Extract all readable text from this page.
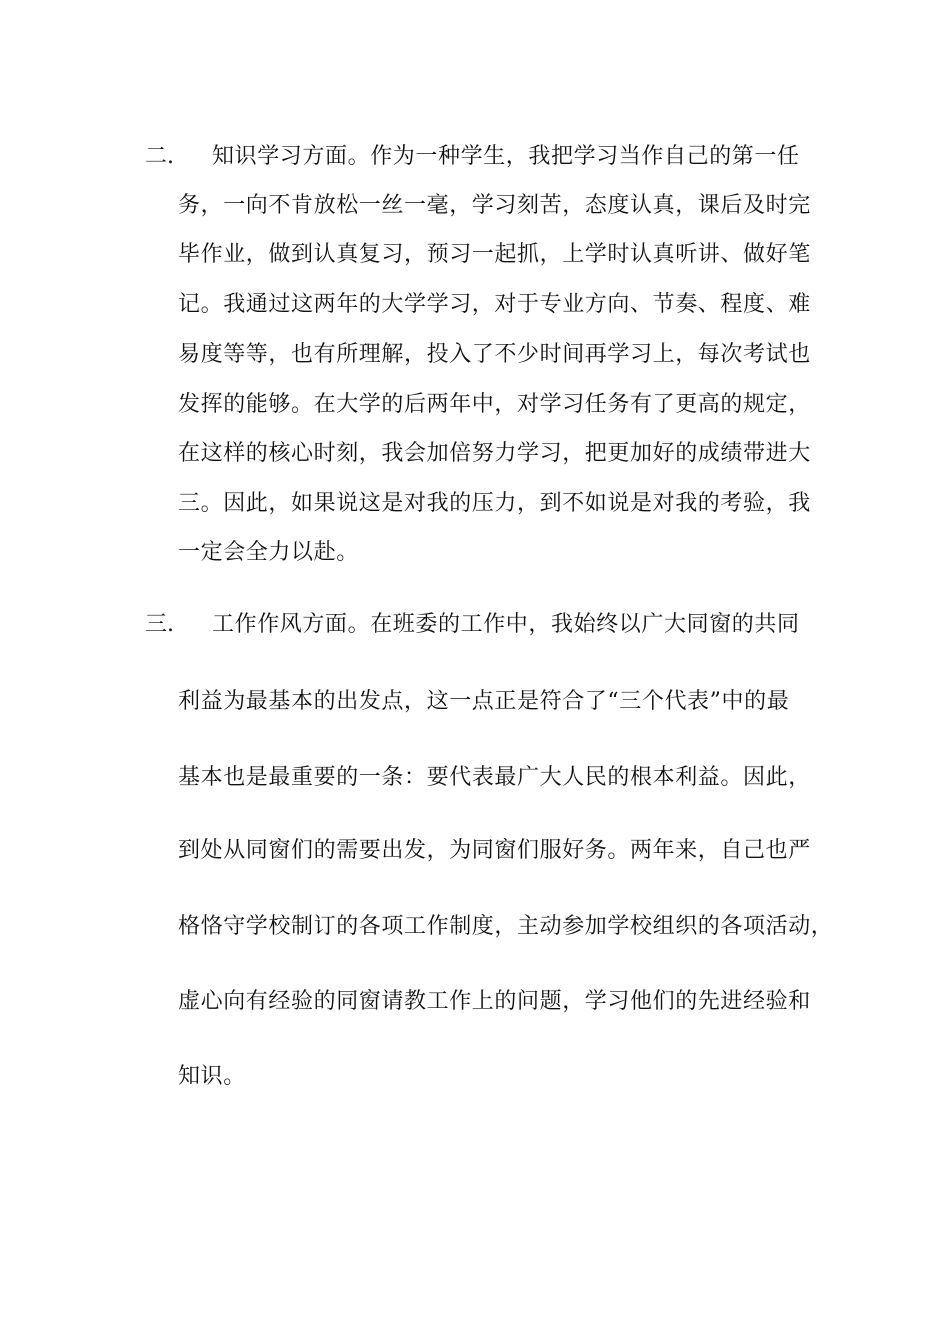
二. 知识学习方面。作为一种学生，我把学习当作自己的第一任
务，一向不肯放松一丝一毫，学习刻苦，态度认真，课后及时完
毕作业，做到认真复习，预习一起抓，上学时认真听讲、做好笔
记。我通过这两年的大学学习，对于专业方向、节奏、程度、难
易度等等，也有所理解，投入了不少时间再学习上，每次考试也
发挥的能够。在大学的后两年中，对学习任务有了更高的规定，
在这样的核心时刻，我会加倍努力学习，把更加好的成绩带进大
三。因此，如果说这是对我的压力，到不如说是对我的考验，我
一定会全力以赴。
三. 工作作风方面。在班委的工作中，我始终以广大同窗的共同
利益为最基本的出发点，这一点正是符合了“三个代表”中的最
基本也是最重要的一条：要代表最广大人民的根本利益。因此，
到处从同窗们的需要出发，为同窗们服好务。两年来，自己也严
格恪守学校制订的各项工作制度，主动参加学校组织的各项活动，
虚心向有经验的同窗请教工作上的问题，学习他们的先进经验和
知识。
